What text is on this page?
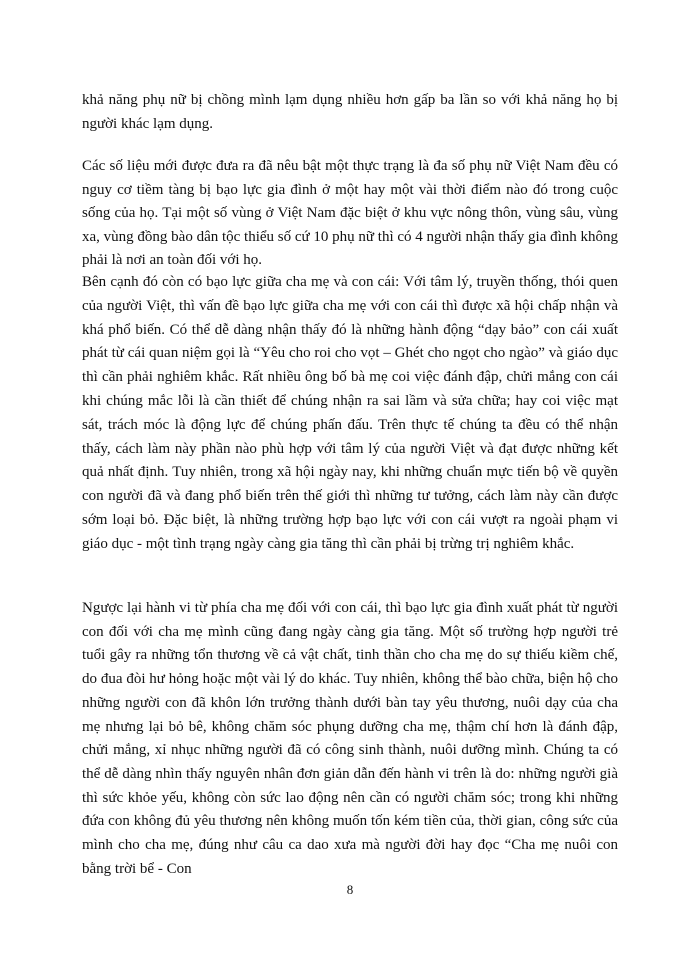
khả năng phụ nữ bị chồng mình lạm dụng nhiều hơn gấp ba lần so với khả năng họ bị người khác lạm dụng.

Các số liệu mới được đưa ra đã nêu bật một thực trạng là đa số phụ nữ Việt Nam đều có nguy cơ tiềm tàng bị bạo lực gia đình ở một hay một vài thời điểm nào đó trong cuộc sống của họ. Tại một số vùng ở Việt Nam đặc biệt ở khu vực nông thôn, vùng sâu, vùng xa, vùng đồng bào dân tộc thiểu số cứ 10 phụ nữ thì có 4 người nhận thấy gia đình không phải là nơi an toàn đối với họ.

Bên cạnh đó còn có bạo lực giữa cha mẹ và con cái: Với tâm lý, truyền thống, thói quen của người Việt, thì vấn đề bạo lực giữa cha mẹ với con cái thì được xã hội chấp nhận và khá phổ biến. Có thể dễ dàng nhận thấy đó là những hành động “dạy bảo” con cái xuất phát từ cái quan niệm gọi là “Yêu cho roi cho vọt – Ghét cho ngọt cho ngào” và giáo dục thì cần phải nghiêm khắc. Rất nhiều ông bố bà mẹ coi việc đánh đập, chửi mắng con cái khi chúng mắc lỗi là cần thiết để chúng nhận ra sai lầm và sửa chữa; hay coi việc mạt sát, trách móc là động lực để chúng phấn đấu. Trên thực tế chúng ta đều có thể nhận thấy, cách làm này phần nào phù hợp với tâm lý của người Việt và đạt được những kết quả nhất định. Tuy nhiên, trong xã hội ngày nay, khi những chuẩn mực tiến bộ về quyền con người đã và đang phổ biến trên thế giới thì những tư tưởng, cách làm này cần được sớm loại bỏ. Đặc biệt, là những trường hợp bạo lực với con cái vượt ra ngoài phạm vi giáo dục - một tình trạng ngày càng gia tăng thì cần phải bị trừng trị nghiêm khắc.

Ngược lại hành vi từ phía cha mẹ đối với con cái, thì bạo lực gia đình xuất phát từ người con đối với cha mẹ mình cũng đang ngày càng gia tăng. Một số trường hợp người trẻ tuổi gây ra những tổn thương về cả vật chất, tinh thần cho cha mẹ do sự thiếu kiềm chế, do đua đòi hư hỏng hoặc một vài lý do khác. Tuy nhiên, không thể bào chữa, biện hộ cho những người con đã khôn lớn trưởng thành dưới bàn tay yêu thương, nuôi dạy của cha mẹ nhưng lại bỏ bê, không chăm sóc phụng dưỡng cha mẹ, thậm chí hơn là đánh đập, chửi mắng, xỉ nhục những người đã có công sinh thành, nuôi dưỡng mình. Chúng ta có thể dễ dàng nhìn thấy nguyên nhân đơn giản dẫn đến hành vi trên là do: những người già thì sức khỏe yếu, không còn sức lao động nên cần có người chăm sóc; trong khi những đứa con không đủ yêu thương nên không muốn tốn kém tiền của, thời gian, công sức của mình cho cha mẹ, đúng như câu ca dao xưa mà người đời hay đọc “Cha mẹ nuôi con bằng trời bể - Con

8
